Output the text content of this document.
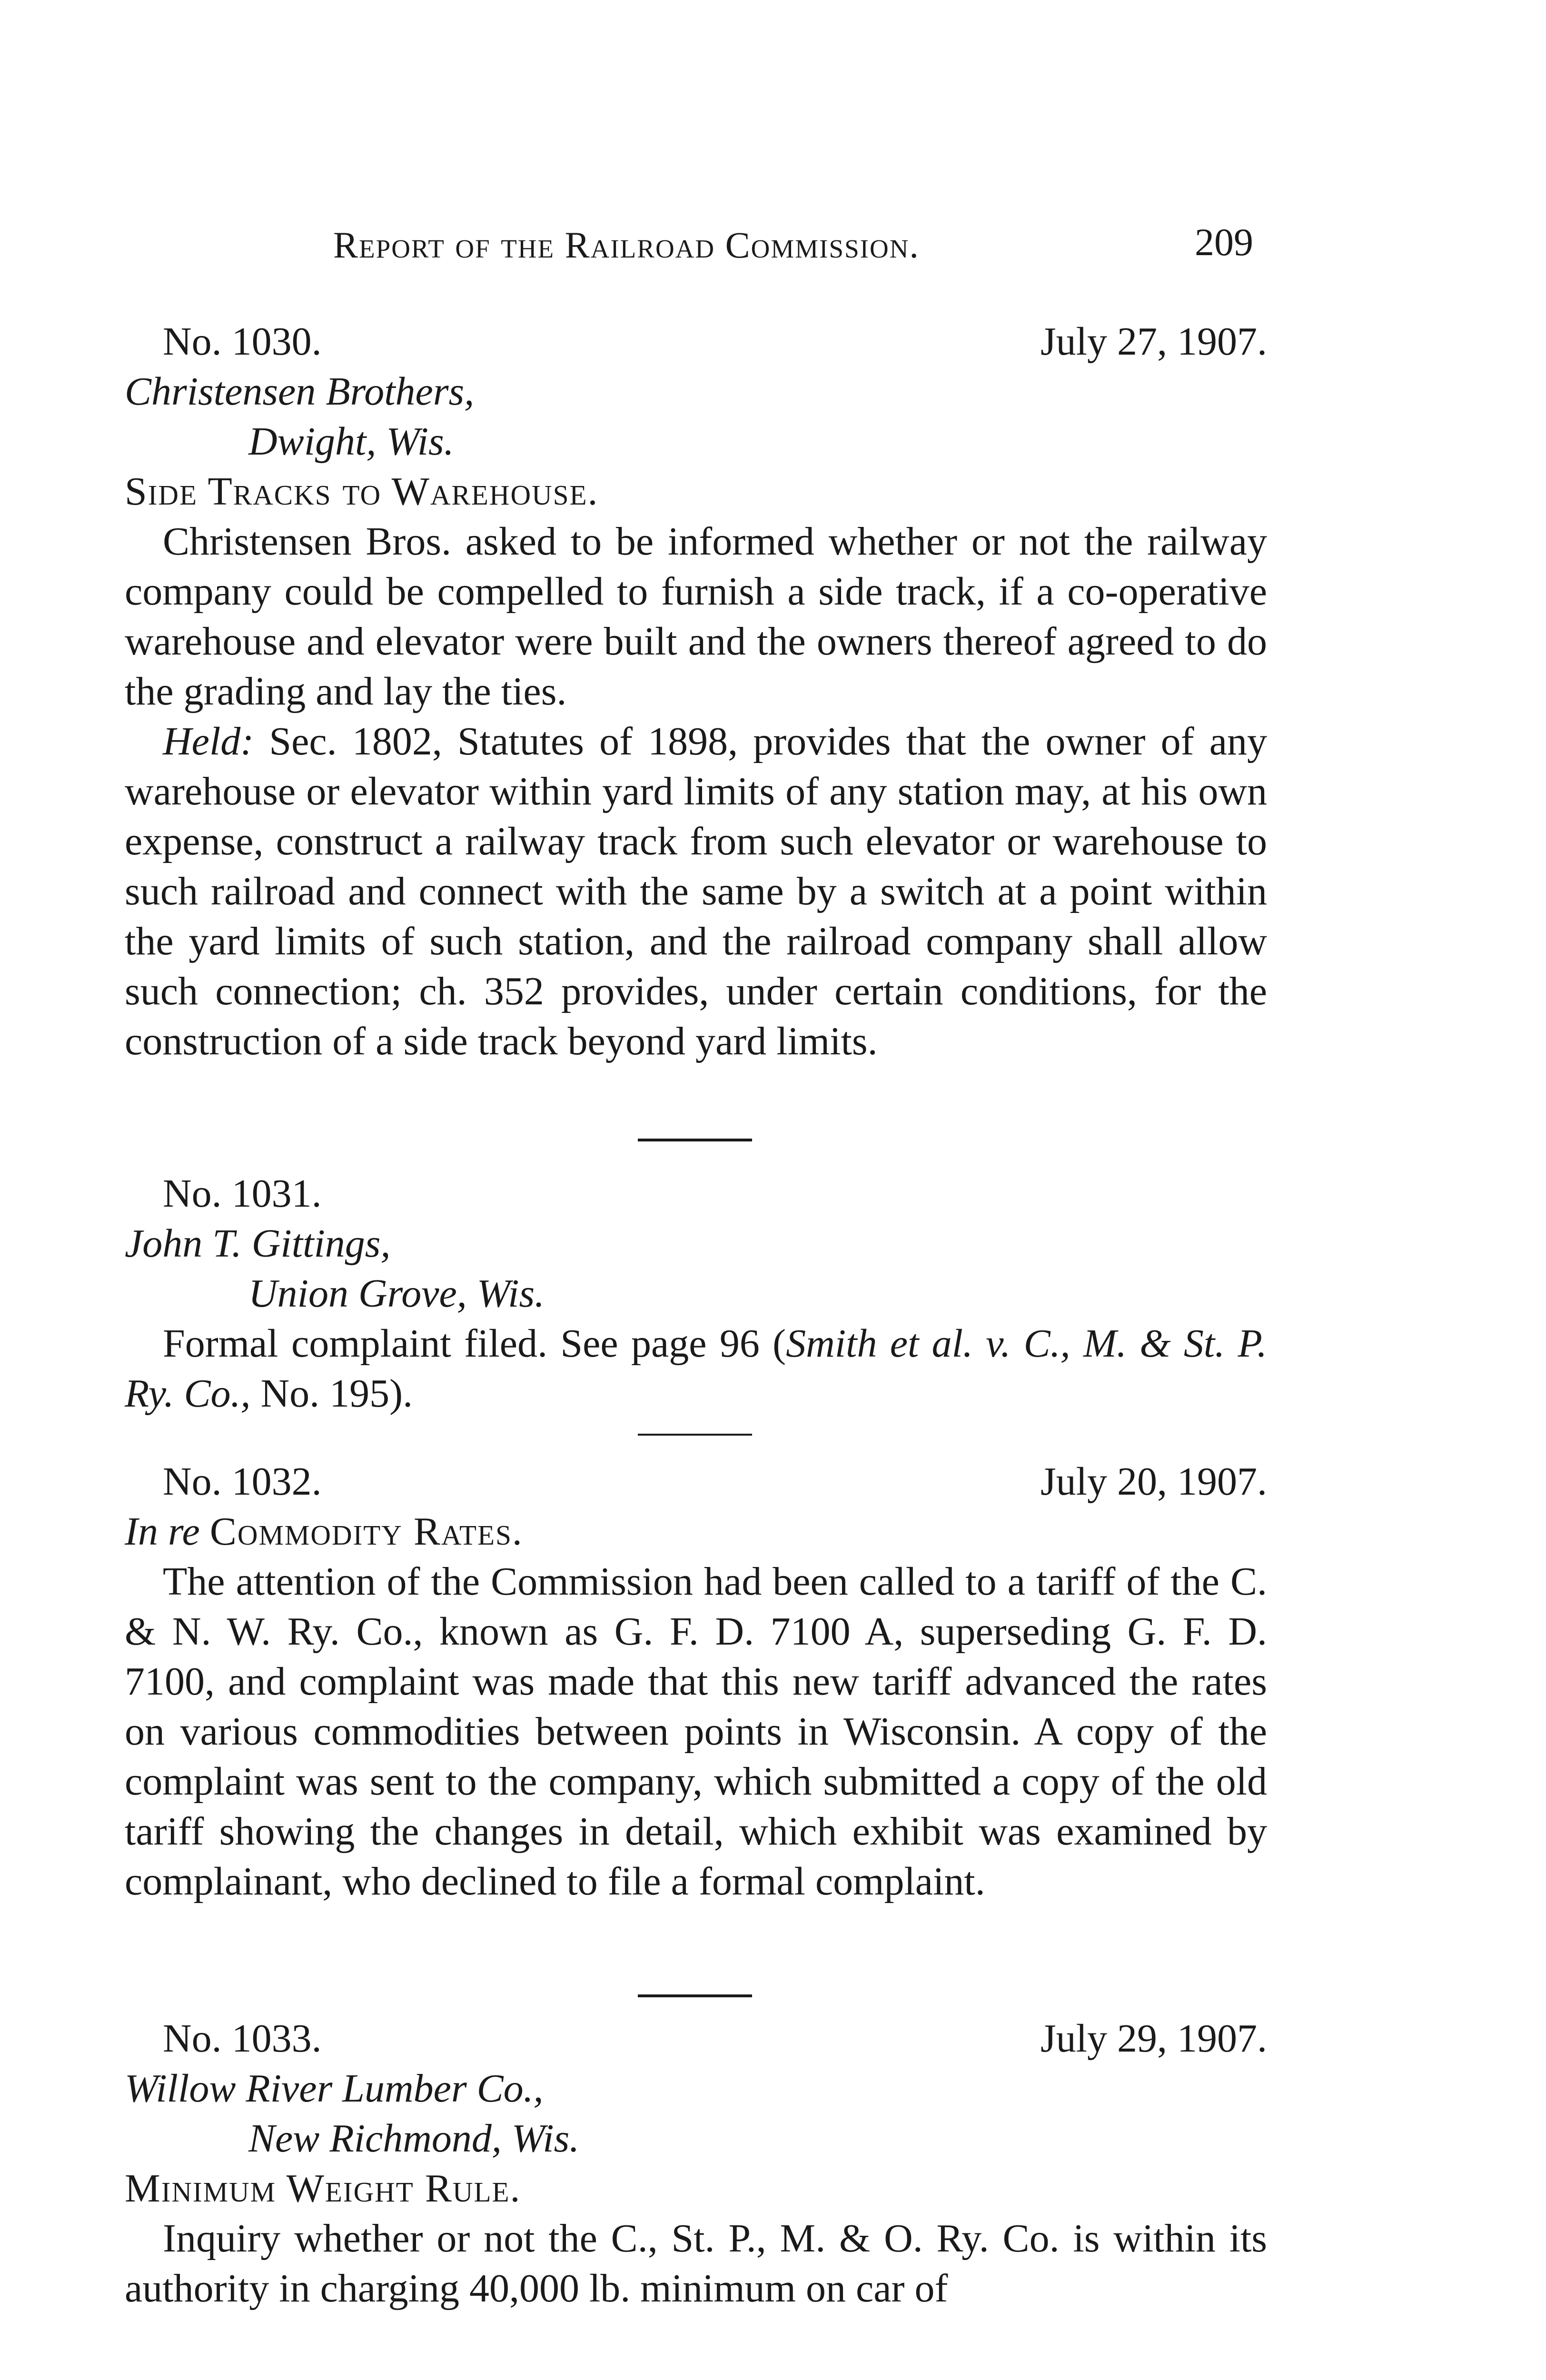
Report of the Railroad Commission.	209
No. 1030.	July 27, 1907.
Christensen Brothers,
Dwight, Wis.
Side Tracks to Warehouse.
Christensen Bros. asked to be informed whether or not the railway company could be compelled to furnish a side track, if a co-operative warehouse and elevator were built and the owners thereof agreed to do the grading and lay the ties.
Held: Sec. 1802, Statutes of 1898, provides that the owner of any warehouse or elevator within yard limits of any station may, at his own expense, construct a railway track from such elevator or warehouse to such railroad and connect with the same by a switch at a point within the yard limits of such station, and the railroad company shall allow such connection; ch. 352 provides, under certain conditions, for the construction of a side track beyond yard limits.
No. 1031.
John T. Gittings,
Union Grove, Wis.
Formal complaint filed. See page 96 (Smith et al. v. C., M. & St. P. Ry. Co., No. 195).
No. 1032.	July 20, 1907.
In re Commodity Rates.
The attention of the Commission had been called to a tariff of the C. & N. W. Ry. Co., known as G. F. D. 7100 A, superseding G. F. D. 7100, and complaint was made that this new tariff advanced the rates on various commodities between points in Wisconsin. A copy of the complaint was sent to the company, which submitted a copy of the old tariff showing the changes in detail, which exhibit was examined by complainant, who declined to file a formal complaint.
No. 1033.	July 29, 1907.
Willow River Lumber Co.,
New Richmond, Wis.
Minimum Weight Rule.
Inquiry whether or not the C., St. P., M. & O. Ry. Co. is within its authority in charging 40,000 lb. minimum on car of
